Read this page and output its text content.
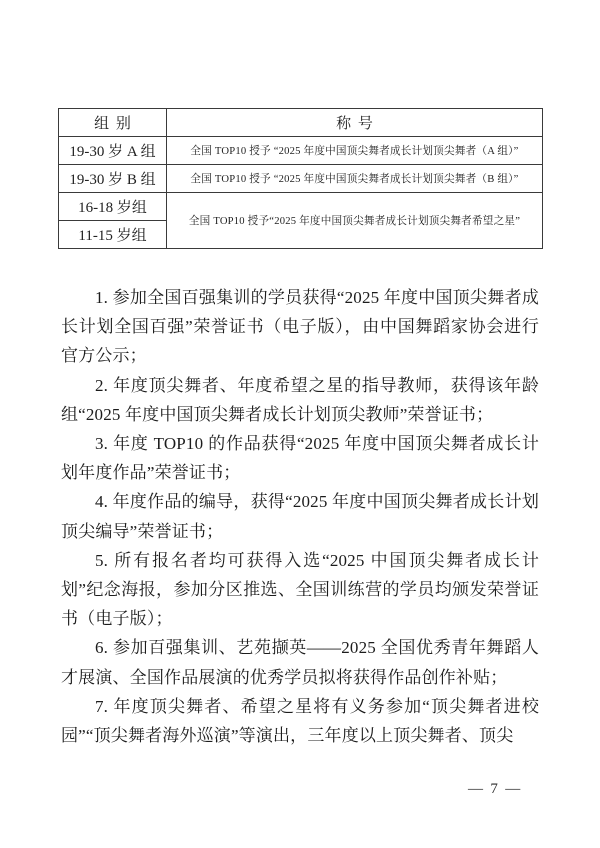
组别	称号
19-30 岁 A 组	全国 TOP10 授予 “2025 年度中国顶尖舞者成长计划顶尖舞者（A 组）”
19-30 岁 B 组	全国 TOP10 授予 “2025 年度中国顶尖舞者成长计划顶尖舞者（B 组）”
16-18 岁组	全国 TOP10 授予“2025 年度中国顶尖舞者成长计划顶尖舞者希望之星”
11-15 岁组	

1. 参加全国百强集训的学员获得“2025 年度中国顶尖舞者成长计划全国百强”荣誉证书（电子版），由中国舞蹈家协会进行官方公示；

2. 年度顶尖舞者、年度希望之星的指导教师，获得该年龄组“2025 年度中国顶尖舞者成长计划顶尖教师”荣誉证书；

3. 年度 TOP10 的作品获得“2025 年度中国顶尖舞者成长计划年度作品”荣誉证书；

4. 年度作品的编导，获得“2025 年度中国顶尖舞者成长计划顶尖编导”荣誉证书；

5. 所有报名者均可获得入选“2025 中国顶尖舞者成长计划”纪念海报，参加分区推选、全国训练营的学员均颁发荣誉证书（电子版）；

6. 参加百强集训、艺苑撷英——2025 全国优秀青年舞蹈人才展演、全国作品展演的优秀学员拟将获得作品创作补贴；

7. 年度顶尖舞者、希望之星将有义务参加“顶尖舞者进校园”“顶尖舞者海外巡演”等演出，三年度以上顶尖舞者、顶尖

— 7 —
